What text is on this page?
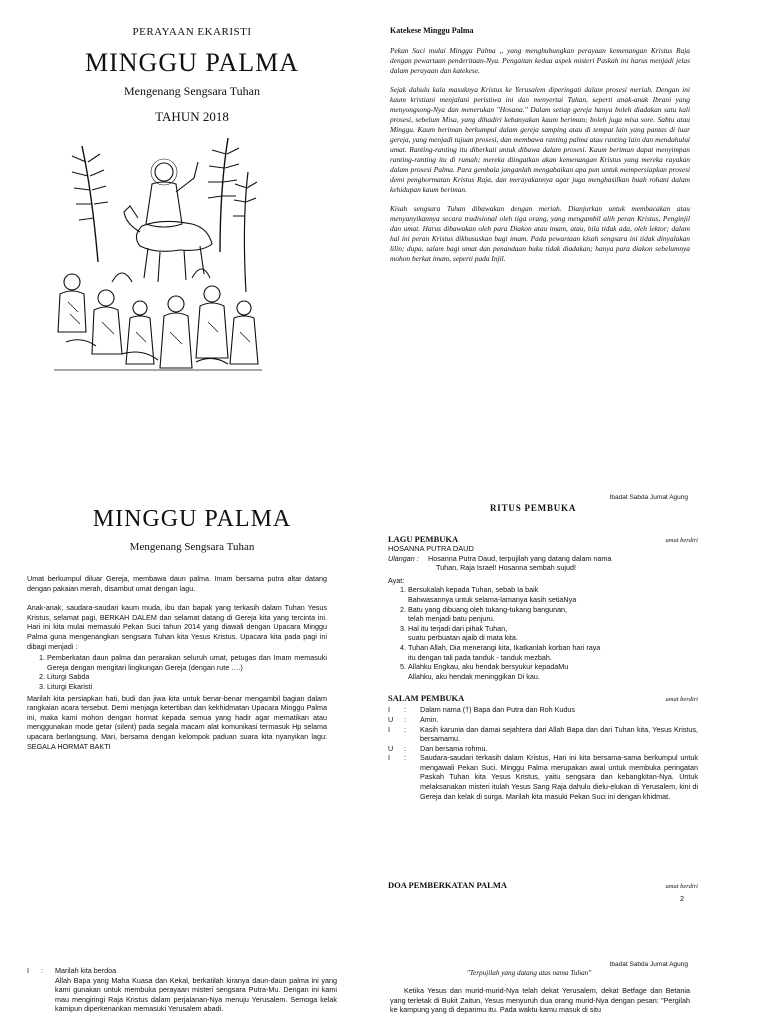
PERAYAAN EKARISTI
MINGGU PALMA
Mengenang Sengsara Tuhan
TAHUN 2018
Katekese Minggu Palma

Pekan Suci mulai Minggu Palma ,, yang menghubungkan perayaan kemenangan Kristus Raja dengan pewartaan penderitaan-Nya. Pengaitan kedua aspek misteri Paskah ini harus menjadi jelas dalam perayaan dan katekese.

Sejak dahulu kala masuknya Kristus ke Yerusalem diperingati dalam prosesi meriah. Dengan ini kaum kristiani menjalani peristiwa ini dan menyertai Tuhan, seperti anak-anak Ibrani yang menyongsong-Nya dan menerukan "Hosana." Dalam setiap gereja hanya boleh diadakan satu kali prosesi, sebelum Misa, yang dihadiri kebanyakan kaum beriman; boleh juga misa sore. Sabtu atau Minggu. Kaum beriman berkumpul dalam gereja samping atau di tempat lain yang pantas di luar gereja, yang menjadi tujuan prosesi, dan membawa ranting palma atau ranting lain dan mendahului umat. Ranting-ranting itu diberkati untuk dibawa dalam prosesi. Kaum beriman dapat menyimpan ranting-ranting itu di rumah; mereka diingatkan akan kemenangan Kristus yang mereka rayakan dalam prosesi Palma. Para gembala janganlah mengabaikan apa pun untuk mempersiapkan prosesi demi penghormatan Kristus Raja, dan merayakannya agar juga menghasilkan buah rohani dalam kehidupan kaum beriman.

Kisah sengsara Tuhan dibawakan dengan meriah. Dianjurkan untuk membacakan atau menyanyikannya secara tradisional oleh tiga orang, yang mengambil alih peran Kristus, Penginjil dan umat. Harus dibawakan oleh para Diakon atau imam, atau, bila tidak ada, oleh lektor; dalam hal ini peran Kristus dikhususkan bagi imam. Pada pewartaan kisah sengsara ini tidak dinyalakan lilin; dupa, salam bagi umat dan penandaan buku tidak diadakan; hanya para diakon sebelumnya mohon berkat imam, seperti pada Injil.

MINGGU PALMA
Mengenang Sengsara Tuhan

Umat berkumpul diluar Gereja, membawa daun palma. Imam bersama putra altar datang dengan pakaian merah, disambut umat dengan lagu.

Anak-anak, saudara-saudari kaum muda, ibu dan bapak yang terkasih dalam Tuhan Yesus Kristus, selamat pagi, BERKAH DALEM dan selamat datang di Gereja kita yang tercinta ini. Hari ini kita mulai memasuki Pekan Suci tahun 2014 yang diawali dengan Upacara Minggu Palma guna mengenangkan sengsara Tuhan kita Yesus Kristus. Upacara kita pada pagi ini dibagi menjadi :

1. Pemberkatan daun palma dan perarakan seluruh umat, petugas dan Imam memasuki Gereja dengan mengitari lingkungan Gereja (dengan rute ….)
2. Liturgi Sabda
3. Liturgi Ekaristi

Marilah kita persiapkan hati, budi dan jiwa kita untuk benar-benar mengambil bagian dalam rangkaian acara tersebut. Demi menjaga ketertiban dan kekhidmatan Upacara Minggu Palma ini, maka kami mohon dengan hormat kepada semua yang hadir agar mematikan atau menggunakan mode getar (silent) pada segala macam alat komunikasi termasuk Hp selama upacara berlangsung. Mari, bersama dengan kelompok paduan suara kita nyanyikan lagu: SEGALA HORMAT BAKTI

Ibadat Sabda Jumat Agung
RITUS PEMBUKA
LAGU PEMBUKA	umat berdiri
HOSANNA PUTRA DAUD
Ulangan :	Hosanna Putra Daud, terpujilah yang datang dalam nama
Tuhan, Raja Israel! Hosanna sembah sujud!
Ayat:
1. Bersukalah kepada Tuhan, sebab Ia baik
Bahwasannya untuk selama-lamanya kasih setiaNya
2. Batu yang dibuang oleh tukang-tukang bangunan,
telah menjadi batu penjuru.
3. Hal itu terjadi dari pihak Tuhan,
suatu perbuatan ajaib di mata kita.
4. Tuhan Allah, Dia menerangi kita, Ikatkanlah korban hari raya
itu dengan tali pada tanduk - tanduk mezbah.
5. Allahku Engkau, aku hendak bersyukur kepadaMu
Allahku, aku hendak meninggikan Di kau.
SALAM PEMBUKA	umat berdiri
I	:	Dalam nama (†) Bapa dan Putra dan Roh Kudus
U	:	Amin.
I	:	Kasih karunia dan damai sejahtera dari Allah Bapa dan dari Tuhan kita, Yesus Kristus, bersamamu.
U	:	Dan bersama rohmu.
I	:	Saudara-saudari terkasih dalam Kristus, Hari ini kita bersama-sama berkumpul untuk mengawali Pekan Suci. Minggu Palma merupakan awal untuk membuka peringatan Paskah Tuhan kita Yesus Kristus, yaitu sengsara dan kebangkitan-Nya. Untuk melaksanakan misteri itulah Yesus Sang Raja dahulu dielu-elukan di Yerusalem, kini di Gereja dan kelak di surga. Marilah kita masuki Pekan Suci ini dengan khidmat.
DOA PEMBERKATAN PALMA	umat berdiri
2
I	:	Marilah kita berdoa
Allah Bapa yang Maha Kuasa dan Kekal, berkatilah kiranya daun-daun palma ini yang kami gunakan untuk membuka perayaan misteri sengsara Putra-Mu. Dengan ini kami mau mengiringi Raja Kristus dalam perjalanan-Nya menuju Yerusalem. Semoga kelak kamipun diperkenankan memasuki Yerusalem abadi.
Ibadat Sabda Jumat Agung
"Terpujilah yang datang atas nama Tuhan"
Ketika Yesus dan murid-murid-Nya telah dekat Yerusalem, dekat Betfage dan Betania yang terletak di Bukit Zaitun, Yesus menyuruh dua orang murid-Nya dengan pesan: "Pergilah ke kampung yang di depanmu itu. Pada waktu kamu masuk di situ
